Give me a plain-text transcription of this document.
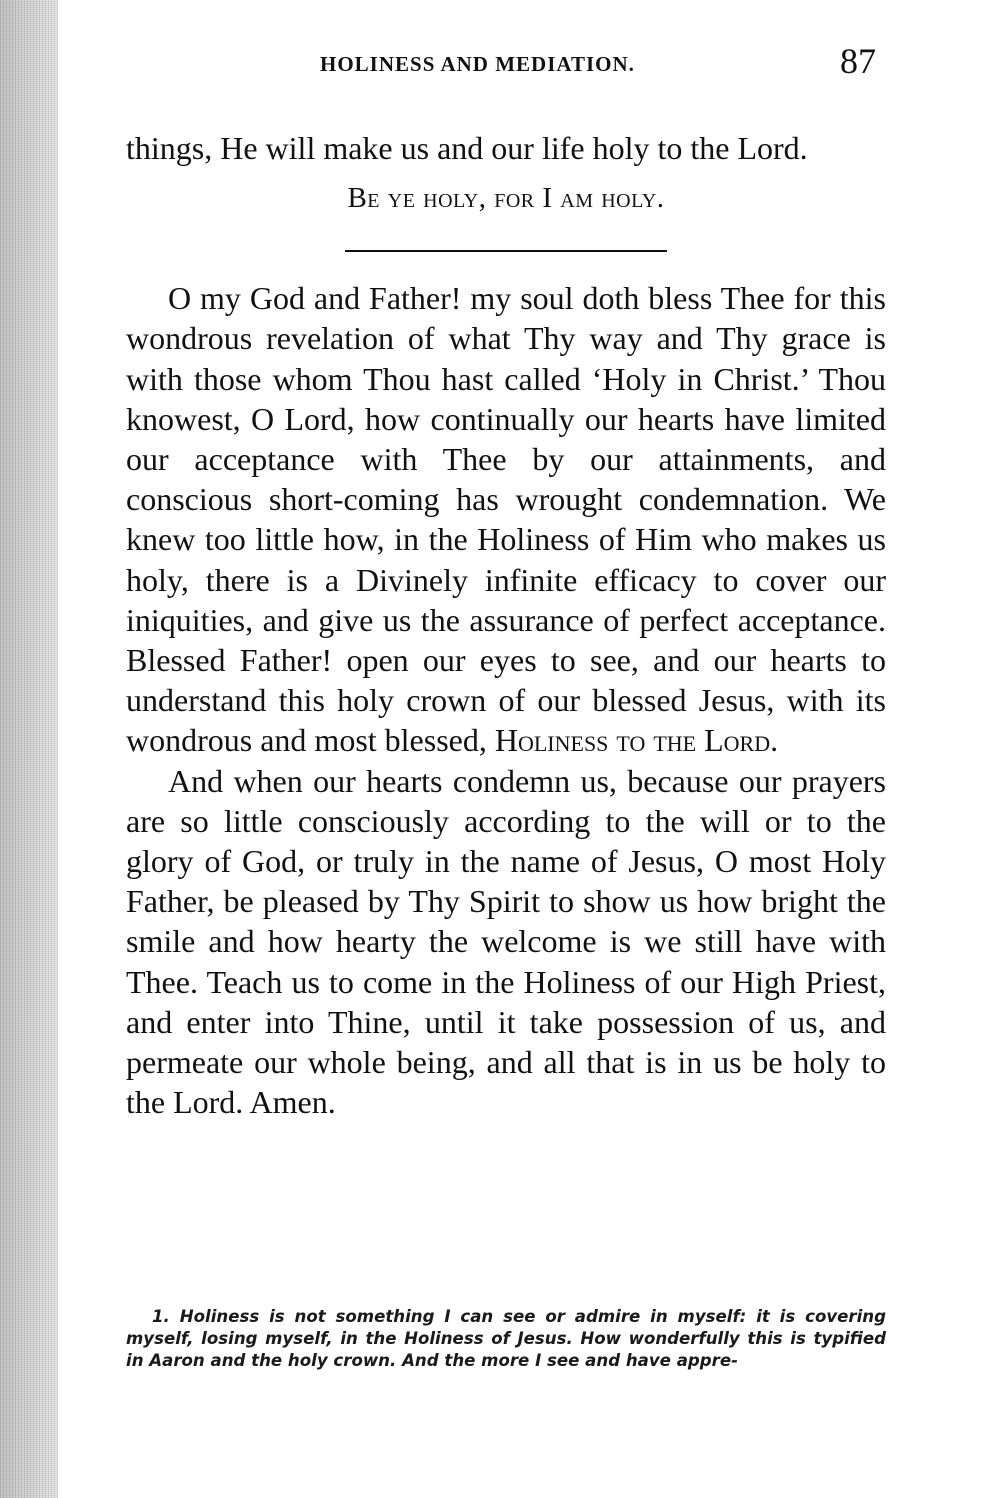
HOLINESS AND MEDIATION.	87

things, He will make us and our life holy to the Lord.

Be ye holy, for I am holy.

O my God and Father! my soul doth bless Thee for this wondrous revelation of what Thy way and Thy grace is with those whom Thou hast called ‘Holy in Christ.’ Thou knowest, O Lord, how continually our hearts have limited our acceptance with Thee by our attainments, and conscious short-coming has wrought condemnation. We knew too little how, in the Holiness of Him who makes us holy, there is a Divinely infinite efficacy to cover our iniquities, and give us the assurance of perfect acceptance. Blessed Father! open our eyes to see, and our hearts to understand this holy crown of our blessed Jesus, with its wondrous and most blessed, Holiness to the Lord.

And when our hearts condemn us, because our prayers are so little consciously according to the will or to the glory of God, or truly in the name of Jesus, O most Holy Father, be pleased by Thy Spirit to show us how bright the smile and how hearty the welcome is we still have with Thee. Teach us to come in the Holiness of our High Priest, and enter into Thine, until it take possession of us, and permeate our whole being, and all that is in us be holy to the Lord. Amen.

1. Holiness is not something I can see or admire in myself: it is covering myself, losing myself, in the Holiness of Jesus. How wonderfully this is typified in Aaron and the holy crown. And the more I see and have appre-
